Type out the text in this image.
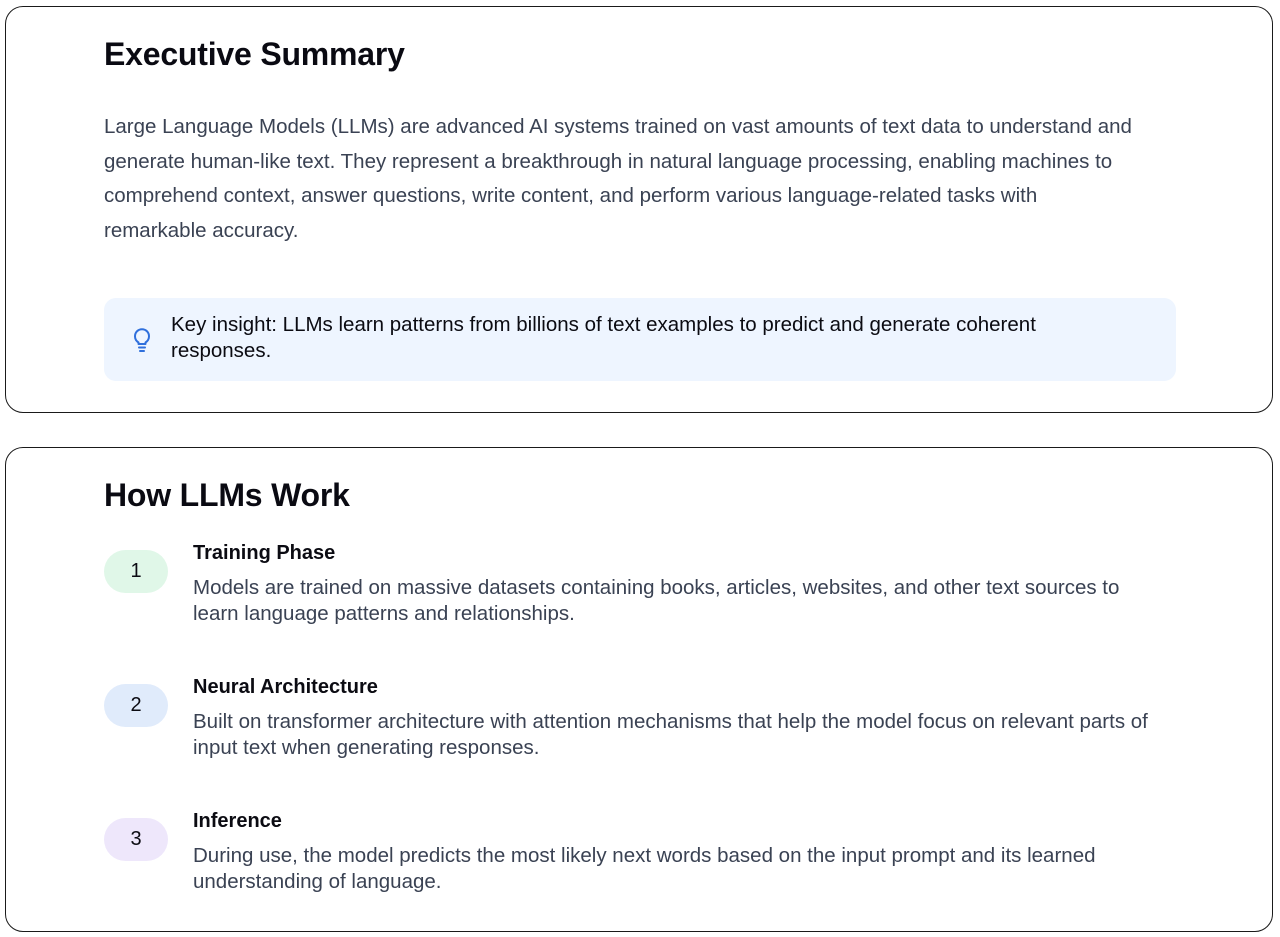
Executive Summary

Large Language Models (LLMs) are advanced AI systems trained on vast amounts of text data to understand and generate human-like text. They represent a breakthrough in natural language processing, enabling machines to comprehend context, answer questions, write content, and perform various language-related tasks with remarkable accuracy.

Key insight: LLMs learn patterns from billions of text examples to predict and generate coherent responses.

How LLMs Work
1
Training Phase

Models are trained on massive datasets containing books, articles, websites, and other text sources to learn language patterns and relationships.

2
Neural Architecture

Built on transformer architecture with attention mechanisms that help the model focus on relevant parts of input text when generating responses.

3
Inference

During use, the model predicts the most likely next words based on the input prompt and its learned understanding of language.
